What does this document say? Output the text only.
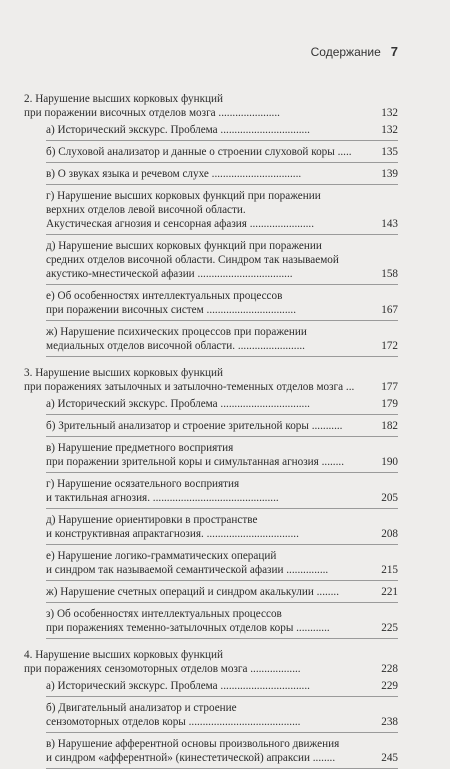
Содержание 7
2. Нарушение высших корковых функций
при поражении височных отделов мозга ......................	132
а) Исторический экскурс. Проблема ................................	132
б) Слуховой анализатор и данные о строении слуховой коры .....	135
в) О звуках языка и речевом слухе ................................	139
г) Нарушение высших корковых функций при поражении
верхних отделов левой височной области.
Акустическая агнозия и сенсорная афазия .......................	143
д) Нарушение высших корковых функций при поражении
средних отделов височной области. Синдром так называемой
акустико-мнестической афазии ..................................	158
е) Об особенностях интеллектуальных процессов
при поражении височных систем ................................	167
ж) Нарушение психических процессов при поражении
медиальных отделов височной области. ........................	172
3. Нарушение высших корковых функций
при поражениях затылочных и затылочно-теменных отделов мозга ...	177
а) Исторический экскурс. Проблема ................................	179
б) Зрительный анализатор и строение зрительной коры ...........	182
в) Нарушение предметного восприятия
при поражении зрительной коры и симультанная агнозия ........	190
г) Нарушение осязательного восприятия
и тактильная агнозия. .............................................	205
д) Нарушение ориентировки в пространстве
и конструктивная апрактагнозия. .................................	208
е) Нарушение логико-грамматических операций
и синдром так называемой семантической афазии ...............	215
ж) Нарушение счетных операций и синдром акалькулии ........	221
з) Об особенностях интеллектуальных процессов
при поражениях теменно-затылочных отделов коры ............	225
4. Нарушение высших корковых функций
при поражениях сензомоторных отделов мозга ..................	228
а) Исторический экскурс. Проблема ................................	229
б) Двигательный анализатор и строение
сензомоторных отделов коры ........................................	238
в) Нарушение афферентной основы произвольного движения
и синдром «афферентной» (кинестетической) апраксии ........	245
